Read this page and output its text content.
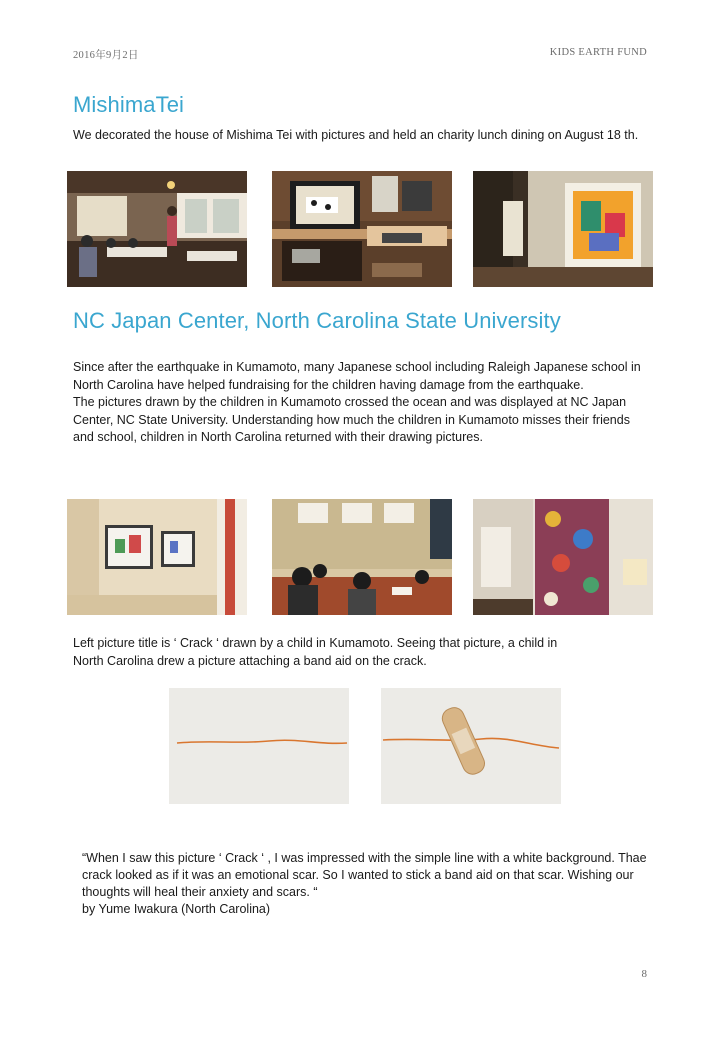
2016年9月2日	KIDS EARTH FUND
MishimaTei

We decorated the house of Mishima Tei with pictures and held an charity lunch dining on August 18 th.

NC Japan Center, North Carolina State University

Since after the earthquake in Kumamoto, many Japanese school including Raleigh Japanese school in North Carolina have helped fundraising for the children having damage from the earthquake.

The pictures drawn by the children in Kumamoto crossed the ocean and was displayed at NC Japan Center, NC State University. Understanding how much the children in Kumamoto misses their friends and school, children in North Carolina returned with their drawing pictures.

Left picture title is ‘ Crack ‘ drawn by a child in Kumamoto. Seeing that picture, a child in

North Carolina drew a picture attaching a band aid on the crack.

“When I saw this picture ‘ Crack ‘ , I was impressed with the simple line with a white background. Thae crack looked as if it was an emotional scar. So I wanted to stick a band aid on that scar. Wishing our thoughts will heal their anxiety and scars. “

by Yume Iwakura (North Carolina)

8
